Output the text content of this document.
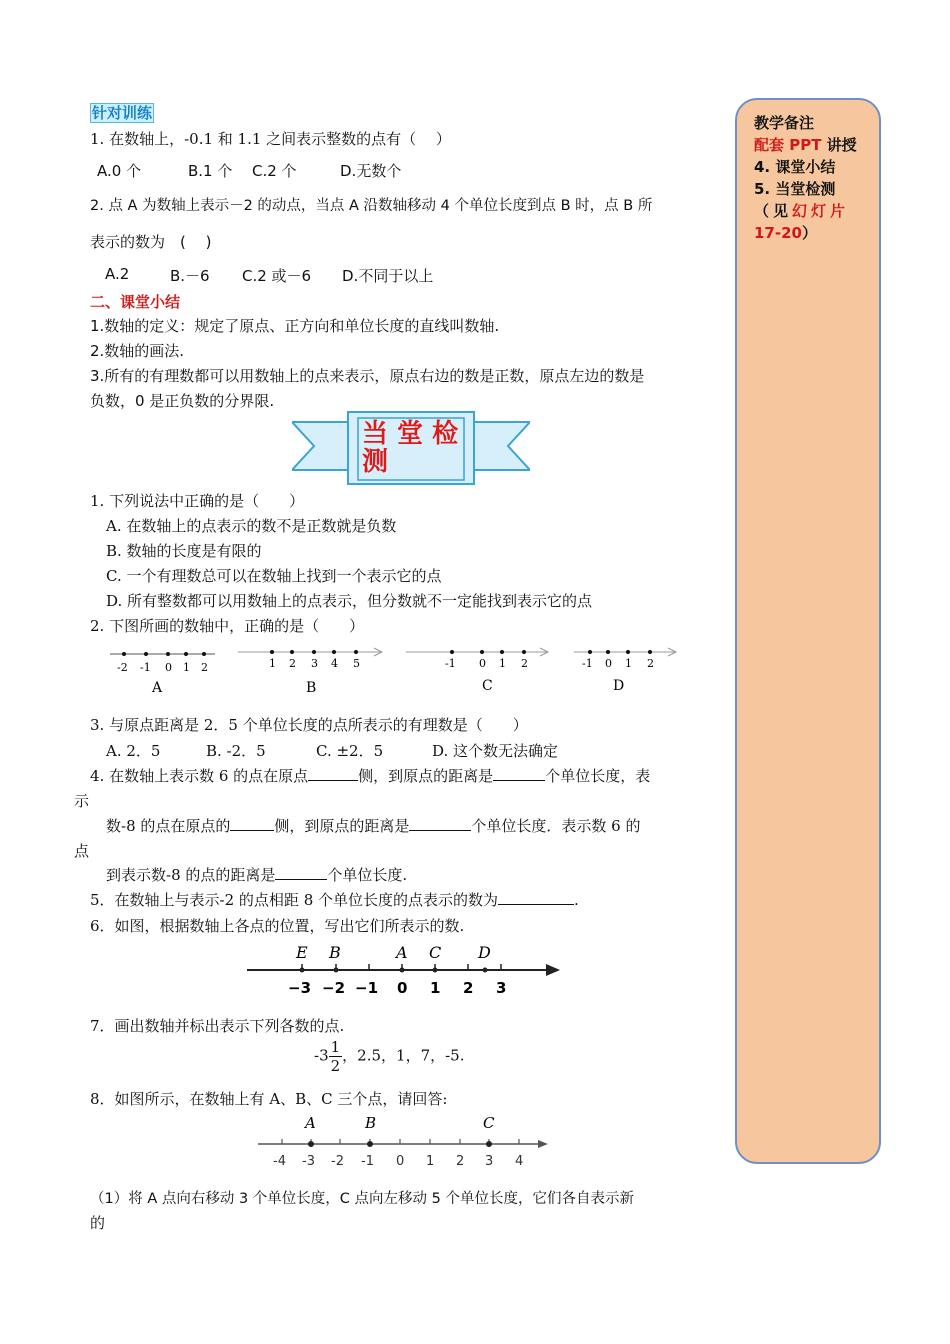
教学备注
配套 PPT 讲授
4. 课堂小结
5. 当堂检测
（见幻灯片
17-20）
针对训练
1. 在数轴上，-0.1 和 1.1 之间表示整数的点有（　 ）
A.0 个	B.1 个 C.2 个	D.无数个
2. 点 A 为数轴上表示－2 的动点，当点 A 沿数轴移动 4 个单位长度到点 B 时，点 B 所
表示的数为　(　 )
A.2	B.－6 C.2 或－6 D.不同于以上
二、课堂小结
1.数轴的定义：规定了原点、正方向和单位长度的直线叫数轴.
2.数轴的画法.
3.所有的有理数都可以用数轴上的点来表示，原点右边的数是正数，原点左边的数是
负数，0 是正负数的分界限.
当 堂 检
测
1. 下列说法中正确的是（　　）
A. 在数轴上的点表示的数不是正数就是负数
B. 数轴的长度是有限的
C. 一个有理数总可以在数轴上找到一个表示它的点
D. 所有整数都可以用数轴上的点表示，但分数就不一定能找到表示它的点
2. 下图所画的数轴中，正确的是（　　）
-2 -1 0 1 2
A
1 2 3 4 5
B
-1 0 1 2
C
-1 0 1 2
D
3. 与原点距离是 2．5 个单位长度的点所表示的有理数是（　　）
A. 2．5	B. -2．5	C. ±2．5	D. 这个数无法确定
4. 在数轴上表示数 6 的点在原点	侧，到原点的距离是	个单位长度，表
示
数-8 的点在原点的	侧，到原点的距离是	个单位长度．表示数 6 的
点
到表示数-8 的点的距离是	个单位长度.
5．在数轴上与表示-2 的点相距 8 个单位长度的点表示的数为	.
6．如图，根据数轴上各点的位置，写出它们所表示的数.
E B	A C D
−3 −2 −1 0 1 2 3
7．画出数轴并标出表示下列各数的点.
$-3 \frac{1}{2}$ ，2.5，1，7，-5.
8．如图所示，在数轴上有 A、B、C 三个点，请回答:
A	B	C
-4 -3 -2 -1 0 1 2 3 4
（1）将 A 点向右移动 3 个单位长度，C 点向左移动 5 个单位长度，它们各自表示新
的
